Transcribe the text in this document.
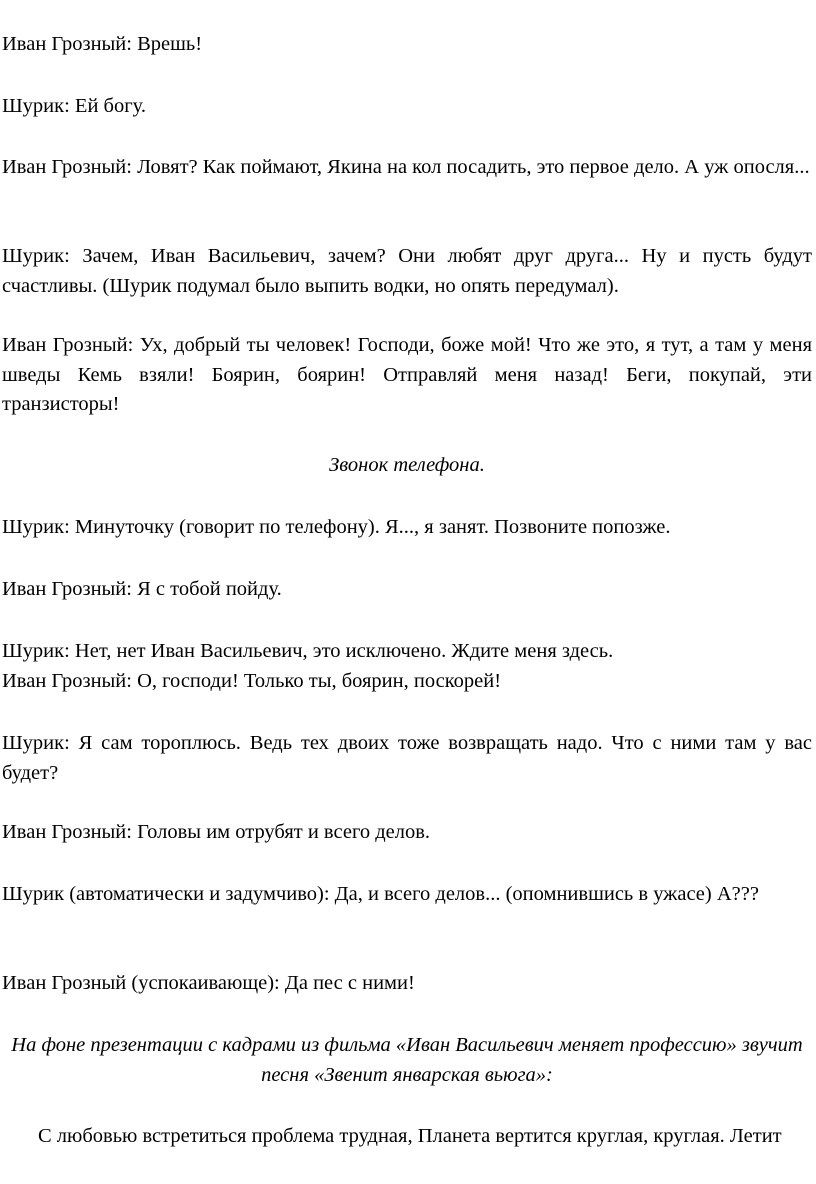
Иван Грозный: Врешь!

Шурик: Ей богу.

Иван Грозный: Ловят? Как поймают, Якина на кол посадить, это первое дело. А уж опосля...

Шурик: Зачем, Иван Васильевич, зачем? Они любят друг друга... Ну и пусть будут счастливы. (Шурик подумал было выпить водки, но опять передумал).

Иван Грозный: Ух, добрый ты человек! Господи, боже мой! Что же это, я тут, а там у меня шведы Кемь взяли! Боярин, боярин! Отправляй меня назад! Беги, покупай, эти транзисторы!

Звонок телефона.

Шурик: Минуточку (говорит по телефону). Я..., я занят. Позвоните попозже.

Иван Грозный: Я с тобой пойду.

Шурик: Нет, нет Иван Васильевич, это исключено. Ждите меня здесь.

Иван Грозный: О, господи! Только ты, боярин, поскорей!

Шурик: Я сам тороплюсь. Ведь тех двоих тоже возвращать надо. Что с ними там у вас будет?

Иван Грозный: Головы им отрубят и всего делов.

Шурик (автоматически и задумчиво): Да, и всего делов... (опомнившись в ужасе) А???

Иван Грозный (успокаивающе): Да пес с ними!

На фоне презентации с кадрами из фильма «Иван Васильевич меняет профессию» звучит песня «Звенит январская вьюга»:

С любовью встретиться проблема трудная, Планета вертится круглая, круглая. Летит
